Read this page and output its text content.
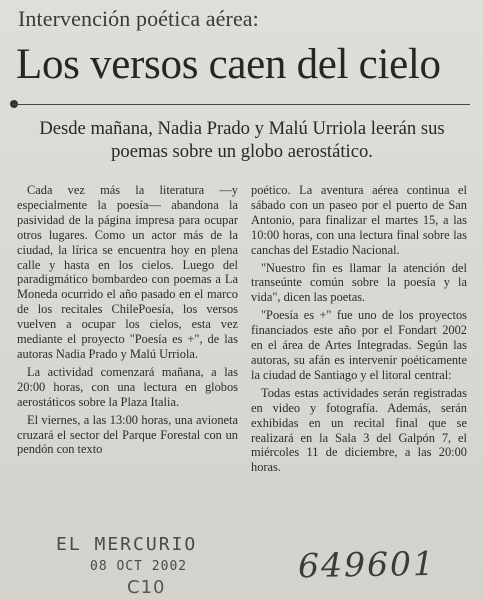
Intervención poética aérea:
Los versos caen del cielo
Desde mañana, Nadia Prado y Malú Urriola leerán sus poemas sobre un globo aerostático.

Cada vez más la literatura —y especialmente la poesía— abandona la pasividad de la página impresa para ocupar otros lugares. Como un actor más de la ciudad, la lírica se encuentra hoy en plena calle y hasta en los cielos. Luego del paradigmático bombardeo con poemas a La Moneda ocurrido el año pasado en el marco de los recitales ChilePoesía, los versos vuelven a ocupar los cielos, esta vez mediante el proyecto "Poesía es +", de las autoras Nadia Prado y Malú Urriola.

La actividad comenzará mañana, a las 20:00 horas, con una lectura en globos aerostáticos sobre la Plaza Italia.

El viernes, a las 13:00 horas, una avioneta cruzará el sector del Parque Forestal con un pendón con texto

poético. La aventura aérea continua el sábado con un paseo por el puerto de San Antonio, para finalizar el martes 15, a las 10:00 horas, con una lectura final sobre las canchas del Estadio Nacional.

"Nuestro fin es llamar la atención del transeúnte común sobre la poesía y la vida", dicen las poetas.

"Poesía es +" fue uno de los proyectos financiados este año por el Fondart 2002 en el área de Artes Integradas. Según las autoras, su afán es intervenir poéticamente la ciudad de Santiago y el litoral central:

Todas estas actividades serán registradas en video y fotografía. Además, serán exhibidas en un recital final que se realizará en la Sala 3 del Galpón 7, el miércoles 11 de diciembre, a las 20:00 horas.

EL MERCURIO
08 OCT 2002
C10
649601
